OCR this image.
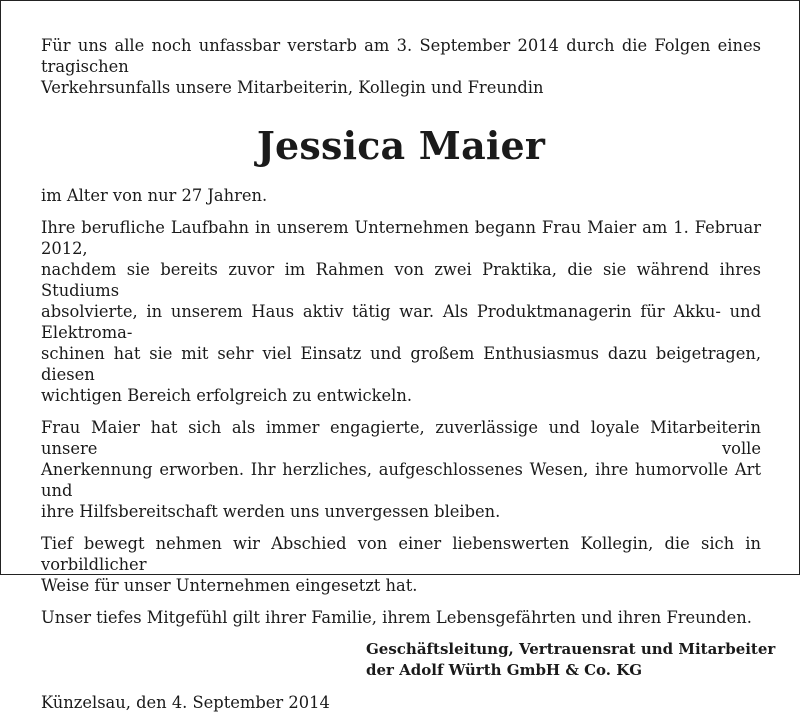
Für uns alle noch unfassbar verstarb am 3. September 2014 durch die Folgen eines tragischen
Verkehrsunfalls unsere Mitarbeiterin, Kollegin und Freundin
Jessica Maier
im Alter von nur 27 Jahren.
Ihre berufliche Laufbahn in unserem Unternehmen begann Frau Maier am 1. Februar 2012,
nachdem sie bereits zuvor im Rahmen von zwei Praktika, die sie während ihres Studiums
absolvierte, in unserem Haus aktiv tätig war. Als Produktmanagerin für Akku- und Elektroma-
schinen hat sie mit sehr viel Einsatz und großem Enthusiasmus dazu beigetragen, diesen
wichtigen Bereich erfolgreich zu entwickeln.
Frau Maier hat sich als immer engagierte, zuverlässige und loyale Mitarbeiterin unsere volle
Anerkennung erworben. Ihr herzliches, aufgeschlossenes Wesen, ihre humorvolle Art und
ihre Hilfsbereitschaft werden uns unvergessen bleiben.
Tief bewegt nehmen wir Abschied von einer liebenswerten Kollegin, die sich in vorbildlicher
Weise für unser Unternehmen eingesetzt hat.
Unser tiefes Mitgefühl gilt ihrer Familie, ihrem Lebensgefährten und ihren Freunden.
Geschäftsleitung, Vertrauensrat und Mitarbeiter
der Adolf Würth GmbH & Co. KG
Künzelsau, den 4. September 2014
